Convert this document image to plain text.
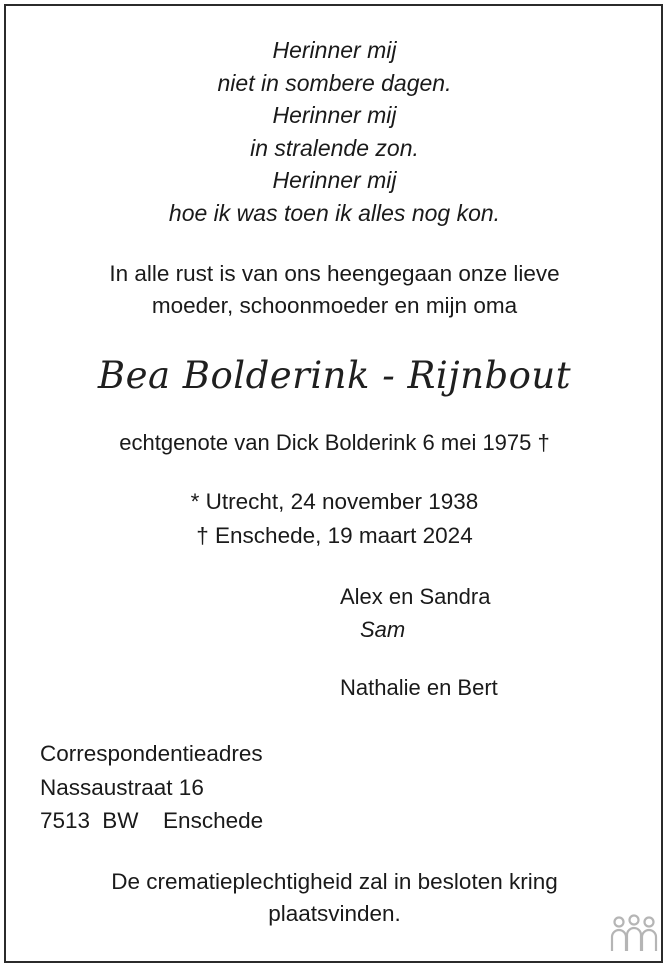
Herinner mij
niet in sombere dagen.
Herinner mij
in stralende zon.
Herinner mij
hoe ik was toen ik alles nog kon.
In alle rust is van ons heengegaan onze lieve
moeder, schoonmoeder en mijn oma
Bea Bolderink - Rijnbout
echtgenote van Dick Bolderink 6 mei 1975 †
* Utrecht, 24 november 1938
† Enschede, 19 maart 2024
Alex en Sandra
Sam
Nathalie en Bert
Correspondentieadres
Nassaustraat 16
7513 BW  Enschede
De crematieplechtigheid zal in besloten kring
plaatsvinden.
